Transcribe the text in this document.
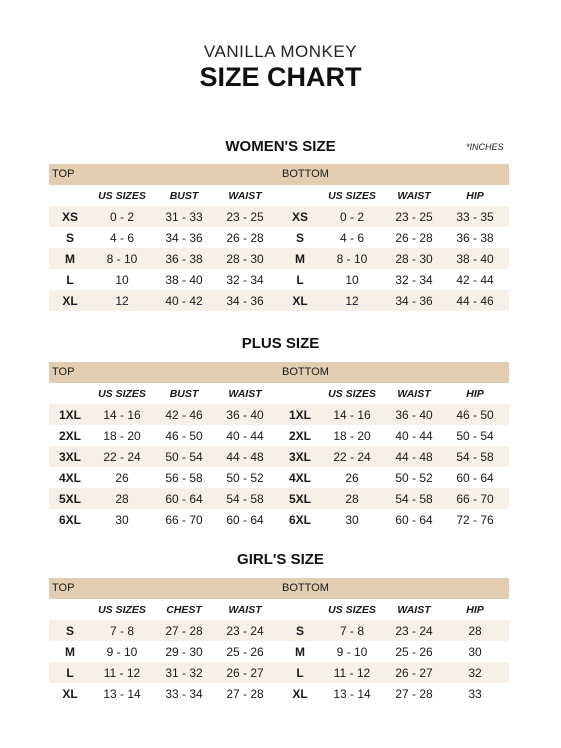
VANILLA MONKEY
SIZE CHART
*INCHES
WOMEN'S SIZE
PLUS SIZE
GIRL'S SIZE
TOP
US SIZES	BUST	WAIST
XS	0 - 2	31 - 33	23 - 25
S	4 - 6	34 - 36	26 - 28
M	8 - 10	36 - 38	28 - 30
L	10	38 - 40	32 - 34
XL	12	40 - 42	34 - 36
BOTTOM
US SIZES	WAIST	HIP
XS	0 - 2	23 - 25	33 - 35
S	4 - 6	26 - 28	36 - 38
M	8 - 10	28 - 30	38 - 40
L	10	32 - 34	42 - 44
XL	12	34 - 36	44 - 46
TOP
US SIZES	BUST	WAIST
1XL	14 - 16	42 - 46	36 - 40
2XL	18 - 20	46 - 50	40 - 44
3XL	22 - 24	50 - 54	44 - 48
4XL	26	56 - 58	50 - 52
5XL	28	60 - 64	54 - 58
6XL	30	66 - 70	60 - 64
BOTTOM
US SIZES	WAIST	HIP
1XL	14 - 16	36 - 40	46 - 50
2XL	18 - 20	40 - 44	50 - 54
3XL	22 - 24	44 - 48	54 - 58
4XL	26	50 - 52	60 - 64
5XL	28	54 - 58	66 - 70
6XL	30	60 - 64	72 - 76
TOP
US SIZES	CHEST	WAIST
S	7 - 8	27 - 28	23 - 24
M	9 - 10	29 - 30	25 - 26
L	11 - 12	31 - 32	26 - 27
XL	13 - 14	33 - 34	27 - 28
BOTTOM
US SIZES	WAIST	HIP
S	7 - 8	23 - 24	28
M	9 - 10	25 - 26	30
L	11 - 12	26 - 27	32
XL	13 - 14	27 - 28	33
